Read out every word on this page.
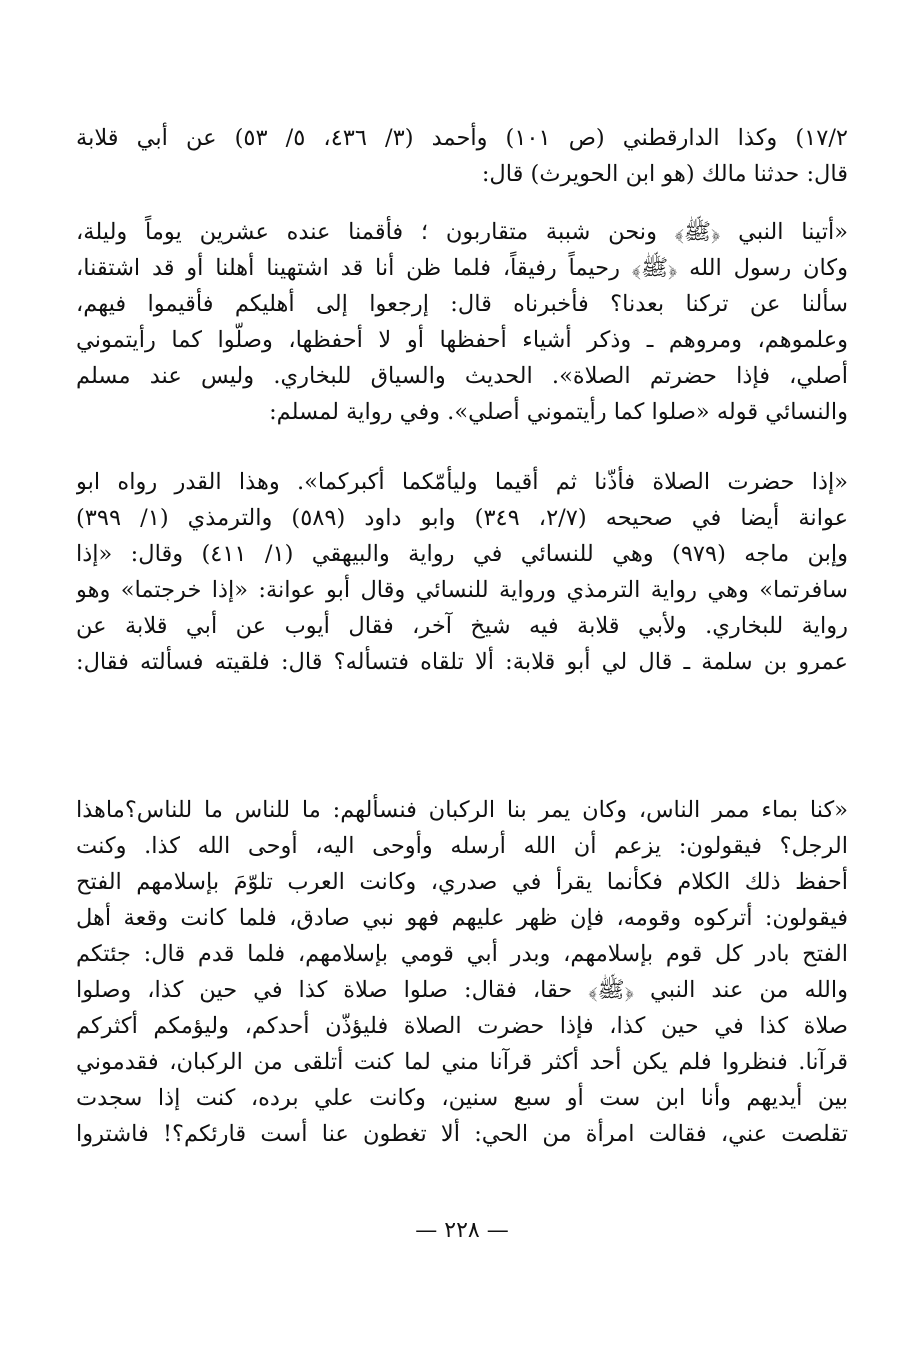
١٧/٢) وكذا الدارقطني (ص ١٠١) وأحمد (٣/ ٤٣٦، ٥/ ٥٣) عن أبي قلابة
قال: حدثنا مالك (هو ابن الحويرث) قال:
«أتينا النبي ﴿ﷺ﴾ ونحن شببة متقاربون ؛ فأقمنا عنده عشرين يوماً وليلة،
وكان رسول الله ﴿ﷺ﴾ رحيماً رفيقاً، فلما ظن أنا قد اشتهينا أهلنا أو قد اشتقنا،
سألنا عن تركنا بعدنا؟ فأخبرناه قال: إرجعوا إلى أهليكم فأقيموا فيهم،
وعلموهم، ومروهم ـ وذكر أشياء أحفظها أو لا أحفظها، وصلّوا كما رأيتموني
أصلي، فإذا حضرتم الصلاة». الحديث والسياق للبخاري. وليس عند مسلم
والنسائي قوله «صلوا كما رأيتموني أصلي». وفي رواية لمسلم:
«إذا حضرت الصلاة فأذّنا ثم أقيما وليأمّكما أكبركما». وهذا القدر رواه ابو
عوانة أيضا في صحيحه (٢/٧، ٣٤٩) وابو داود (٥٨٩) والترمذي (١/ ٣٩٩)
وإبن ماجه (٩٧٩) وهي للنسائي في رواية والبيهقي (١/ ٤١١) وقال: «إذا
سافرتما» وهي رواية الترمذي ورواية للنسائي وقال أبو عوانة: «إذا خرجتما» وهو
رواية للبخاري. ولأبي قلابة فيه شيخ آخر، فقال أيوب عن أبي قلابة عن
عمرو بن سلمة ـ قال لي أبو قلابة: ألا تلقاه فتسأله؟ قال: فلقيته فسألته فقال:
«كنا بماء ممر الناس، وكان يمر بنا الركبان فنسألهم: ما للناس ما للناس؟ماهذا
الرجل؟ فيقولون: يزعم أن الله أرسله وأوحى اليه، أوحى الله كذا. وكنت
أحفظ ذلك الكلام فكأنما يقرأ في صدري، وكانت العرب تلوّمَ بإسلامهم الفتح
فيقولون: أتركوه وقومه، فإن ظهر عليهم فهو نبي صادق، فلما كانت وقعة أهل
الفتح بادر كل قوم بإسلامهم، وبدر أبي قومي بإسلامهم، فلما قدم قال: جئتكم
والله من عند النبي ﴿ﷺ﴾ حقا، فقال: صلوا صلاة كذا في حين كذا، وصلوا
صلاة كذا في حين كذا، فإذا حضرت الصلاة فليؤذّن أحدكم، وليؤمكم أكثركم
قرآنا. فنظروا فلم يكن أحد أكثر قرآنا مني لما كنت أتلقى من الركبان، فقدموني
بين أيديهم وأنا ابن ست أو سبع سنين، وكانت علي برده، كنت إذا سجدت
تقلصت عني، فقالت امرأة من الحي: ألا تغطون عنا أست قارئكم؟! فاشتروا
— ٢٢٨ —
